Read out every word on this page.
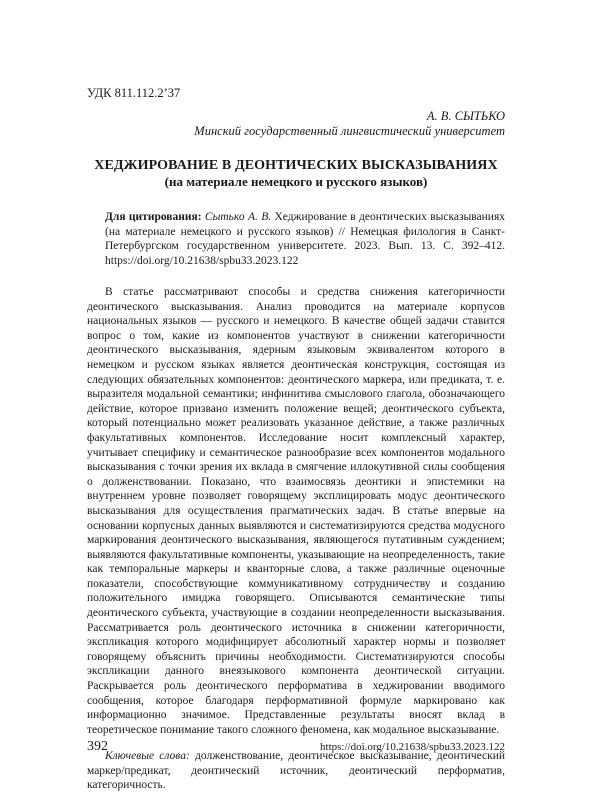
УДК 811.112.2’37

А. В. СЫТЬКО
Минский государственный лингвистический университет
ХЕДЖИРОВАНИЕ В ДЕОНТИЧЕСКИХ ВЫСКАЗЫВАНИЯХ
(на материале немецкого и русского языков)
Для цитирования: Сытько А. В. Хеджирование в деонтических высказываниях (на материале немецкого и русского языков) // Немецкая филология в Санкт-Петербургском государственном университете. 2023. Вып. 13. С. 392–412. https://doi.org/10.21638/spbu33.2023.122

В статье рассматривают способы и средства снижения категоричности деонтического высказывания. Анализ проводится на материале корпусов национальных языков — русского и немецкого. В качестве общей задачи ставится вопрос о том, какие из компонентов участвуют в снижении категоричности деонтического высказывания, ядерным языковым эквивалентом которого в немецком и русском языках является деонтическая конструкция, состоящая из следующих обязательных компонентов: деонтического маркера, или предиката, т. е. выразителя модальной семантики; инфинитива смыслового глагола, обозначающего действие, которое призвано изменить положение вещей; деонтического субъекта, который потенциально может реализовать указанное действие, а также различных факультативных компонентов. Исследование носит комплексный характер, учитывает специфику и семантическое разнообразие всех компонентов модального высказывания с точки зрения их вклада в смягчение иллокутивной силы сообщения о долженствовании. Показано, что взаимосвязь деонтики и эпистемики на внутреннем уровне позволяет говорящему эксплицировать модус деонтического высказывания для осуществления прагматических задач. В статье впервые на основании корпусных данных выявляются и систематизируются средства модусного маркирования деонтического высказывания, являющегося путативным суждением; выявляются факультативные компоненты, указывающие на неопределенность, такие как темпоральные маркеры и кванторные слова, а также различные оценочные показатели, способствующие коммуникативному сотрудничеству и созданию положительного имиджа говорящего. Описываются семантические типы деонтического субъекта, участвующие в создании неопределенности высказывания. Рассматривается роль деонтического источника в снижении категоричности, экспликация которого модифицирует абсолютный характер нормы и позволяет говорящему объяснить причины необходимости. Систематизируются способы экспликации данного внеязыкового компонента деонтической ситуации. Раскрывается роль деонтического перформатива в хеджировании вводимого сообщения, которое благодаря перформативной формуле маркировано как информационно значимое. Представленные результаты вносят вклад в теоретическое понимание такого сложного феномена, как модальное высказывание.

Ключевые слова: долженствование, деонтическое высказывание, деонтический маркер/предикат, деонтический источник, деонтический перформатив, категоричность.

392	https://doi.org/10.21638/spbu33.2023.122
